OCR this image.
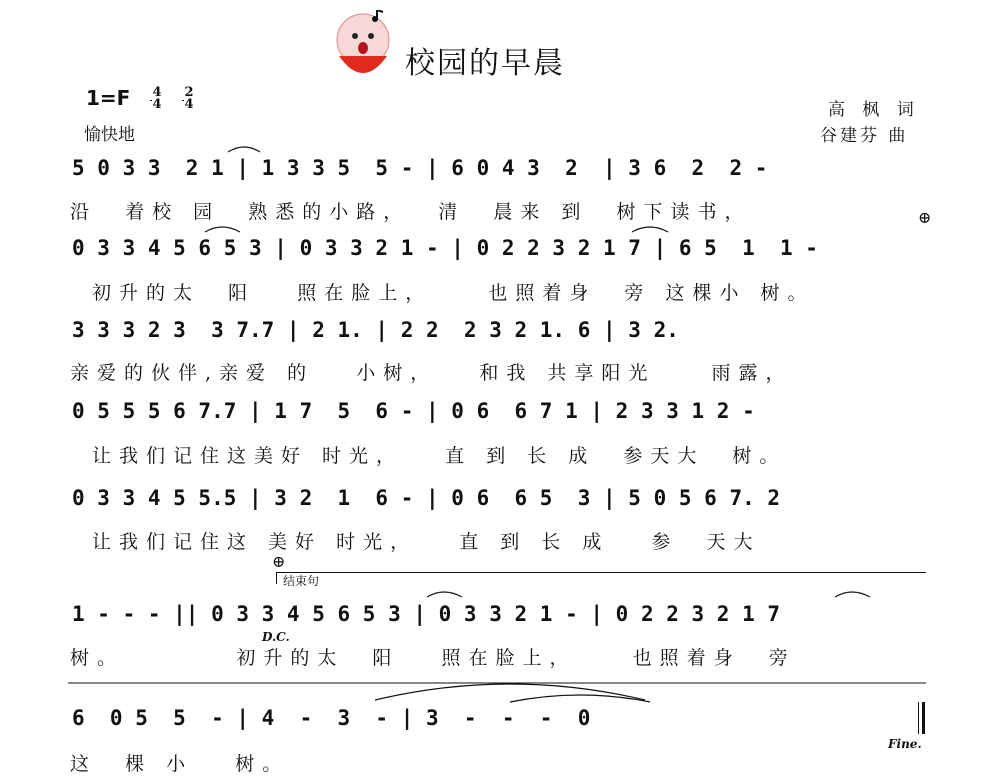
校园的早晨
1=F 4
4
2
4
愉快地
高 枫 词
谷建芬 曲
5 0 3 3  2 1 | 1 3 3 5  5 - | 6 0 4 3  2  | 3 6  2  2 -
沿  着校 园  熟悉的小路，  清  晨来 到  树下读书，	⊕
0 3 3 4 5 6 5 3 | 0 3 3 2 1 - | 0 2 2 3 2 1 7 | 6 5  1  1 -
初升的太  阳   照在脸上，    也照着身  旁 这棵小 树。
3 3 3 2 3  3 7.7 | 2 1. | 2 2  2 3 2 1. 6 | 3 2.
亲爱的伙伴,亲爱 的   小树，   和我 共享阳光    雨露，
0 5 5 5 6 7.7 | 1 7  5  6 - | 0 6  6 7 1 | 2 3 3 1 2 -
让我们记住这美好 时光，   直 到 长 成  参天大  树。
0 3 3 4 5 5.5 | 3 2  1  6 - | 0 6  6 5  3 | 5 0 5 6 7. 2
让我们记住这 美好 时光，   直 到 长 成   参  天大
⊕
结束句
1 - - - || 0 3 3 4 5 6 5 3 | 0 3 3 2 1 - | 0 2 2 3 2 1 7
D.C.
树。        初升的太  阳   照在脸上，    也照着身  旁
6  0 5  5  - | 4  -  3  - | 3  -  -  -  0
这  棵 小   树。
Fine.
